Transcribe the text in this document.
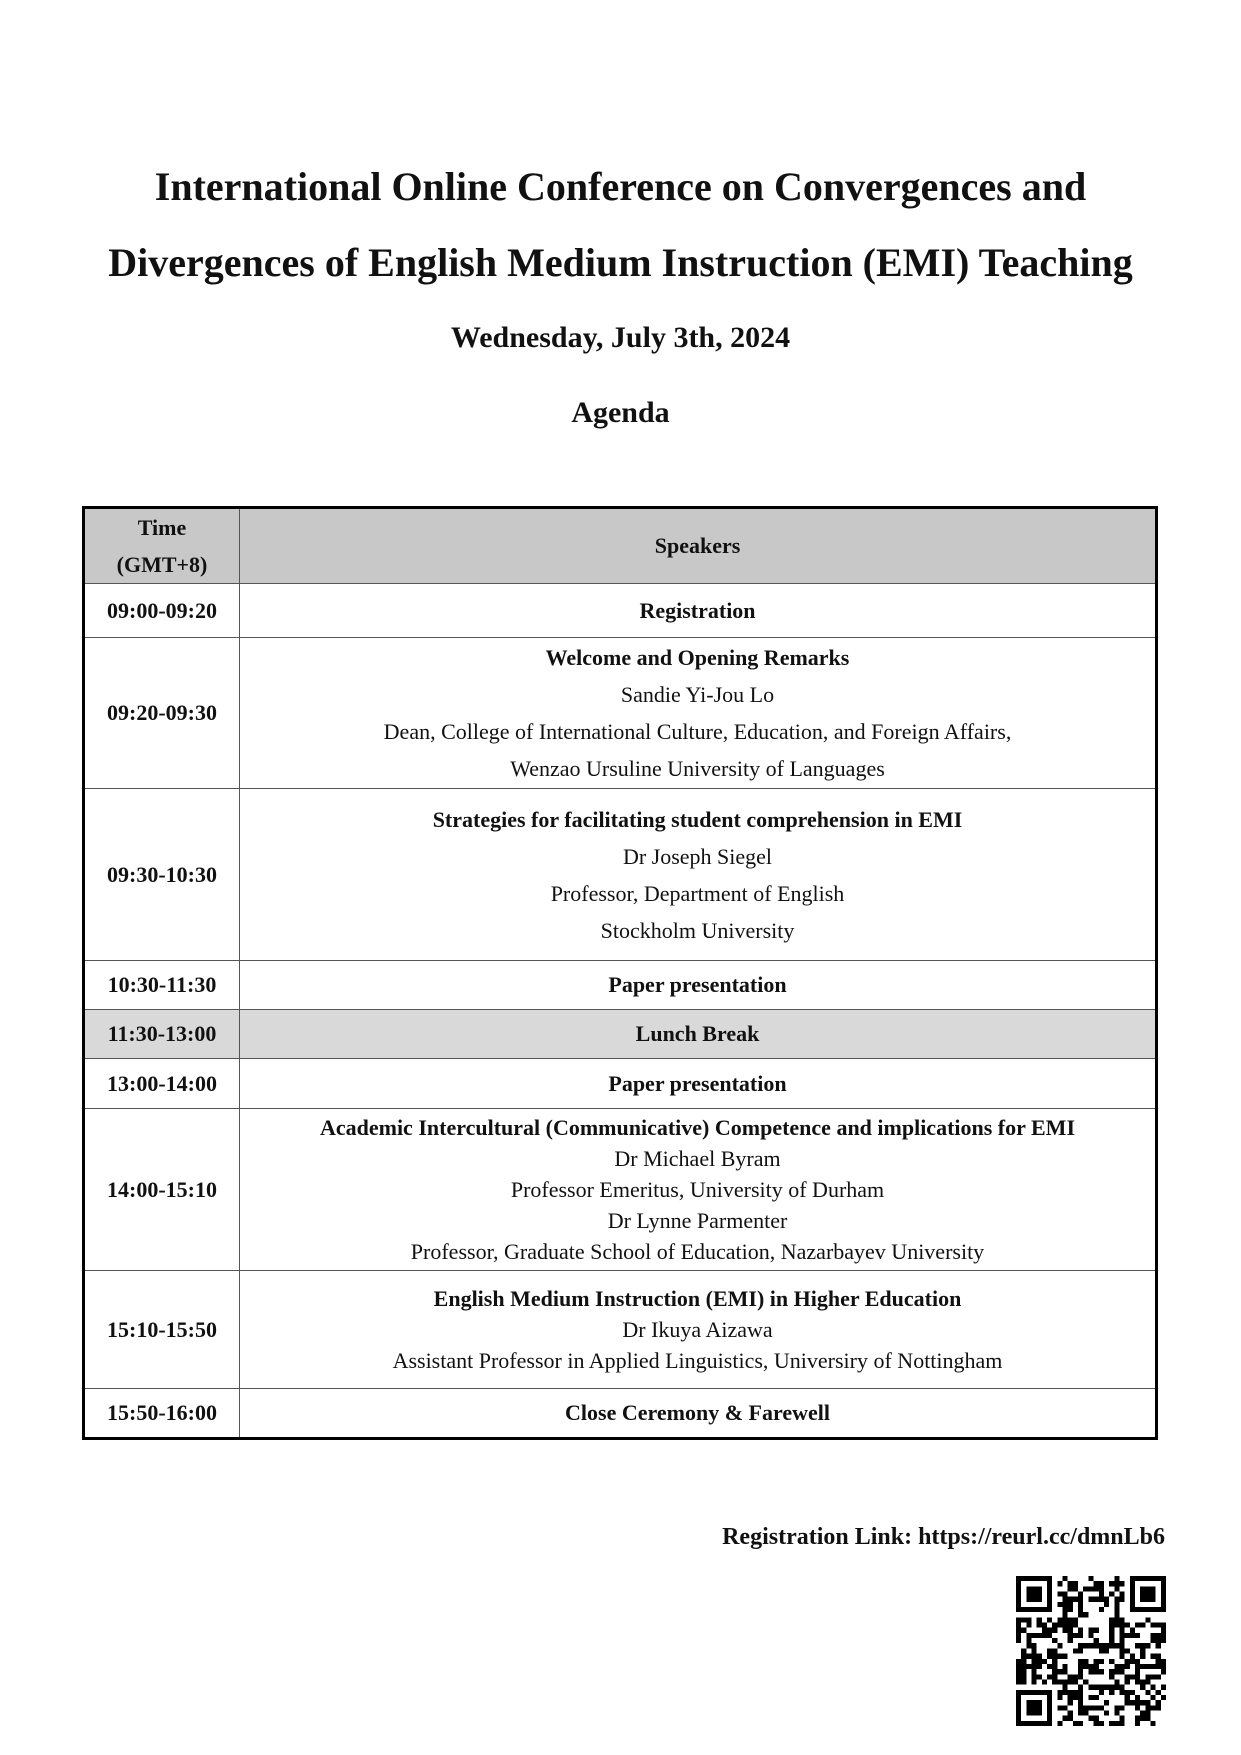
International Online Conference on Convergences and
Divergences of English Medium Instruction (EMI) Teaching
Wednesday, July 3th, 2024
Agenda
Time
(GMT+8)	Speakers
09:00-09:20	Registration
09:20-09:30	Welcome and Opening Remarks
Sandie Yi-Jou Lo
Dean, College of International Culture, Education, and Foreign Affairs,
Wenzao Ursuline University of Languages

09:30-10:30	Strategies for facilitating student comprehension in EMI
Dr Joseph Siegel
Professor, Department of English
Stockholm University

10:30-11:30	Paper presentation
11:30-13:00	Lunch Break
13:00-14:00	Paper presentation
14:00-15:10	Academic Intercultural (Communicative) Competence and implications for EMI
Dr Michael Byram
Professor Emeritus, University of Durham
Dr Lynne Parmenter
Professor, Graduate School of Education, Nazarbayev University

15:10-15:50	English Medium Instruction (EMI) in Higher Education
Dr Ikuya Aizawa
Assistant Professor in Applied Linguistics, Universiry of Nottingham

15:50-16:00	Close Ceremony & Farewell
Registration Link: https://reurl.cc/dmnLb6
